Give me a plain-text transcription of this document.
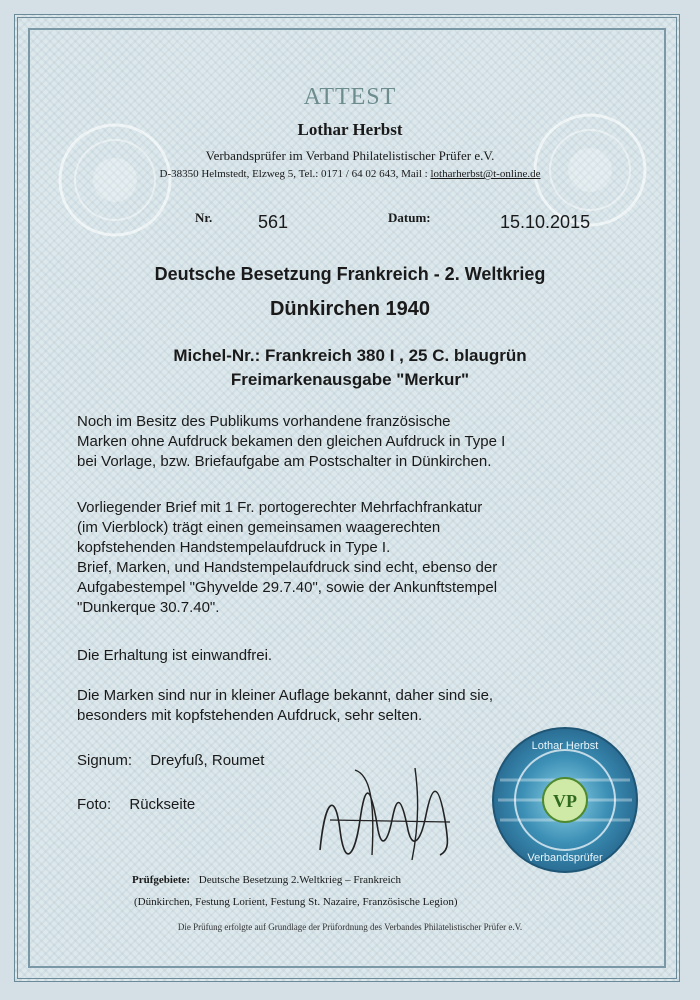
ATTEST
Lothar Herbst
Verbandsprüfer im Verband Philatelistischer Prüfer e.V.
D-38350 Helmstedt, Elzweg 5, Tel.: 0171 / 64 02 643, Mail : lotharherbst@t-online.de
Nr.	561	Datum:	15.10.2015
Deutsche Besetzung Frankreich - 2. Weltkrieg
Dünkirchen 1940
Michel-Nr.: Frankreich 380 I , 25 C. blaugrün
Freimarkenausgabe "Merkur"
Noch im Besitz des Publikums vorhandene französische
Marken ohne Aufdruck bekamen den gleichen Aufdruck in Type I
bei Vorlage, bzw. Briefaufgabe am Postschalter in Dünkirchen.
Vorliegender Brief mit 1 Fr. portogerechter Mehrfachfrankatur
(im Vierblock) trägt einen gemeinsamen waagerechten
kopfstehenden Handstempelaufdruck in Type I.
Brief, Marken, und Handstempelaufdruck sind echt, ebenso der
Aufgabestempel "Ghyvelde 29.7.40", sowie der Ankunftstempel
"Dunkerque 30.7.40".
Die Erhaltung ist einwandfrei.
Die Marken sind nur in kleiner Auflage bekannt, daher sind sie,
besonders mit kopfstehenden Aufdruck, sehr selten.
Signum: Dreyfuß, Roumet
Foto: Rückseite	VP
Lothar Herbst
Verbandsprüfer
Prüfgebiete: Deutsche Besetzung 2.Weltkrieg – Frankreich
(Dünkirchen, Festung Lorient, Festung St. Nazaire, Französische Legion)
Die Prüfung erfolgte auf Grundlage der Prüfordnung des Verbandes Philatelistischer Prüfer e.V.
